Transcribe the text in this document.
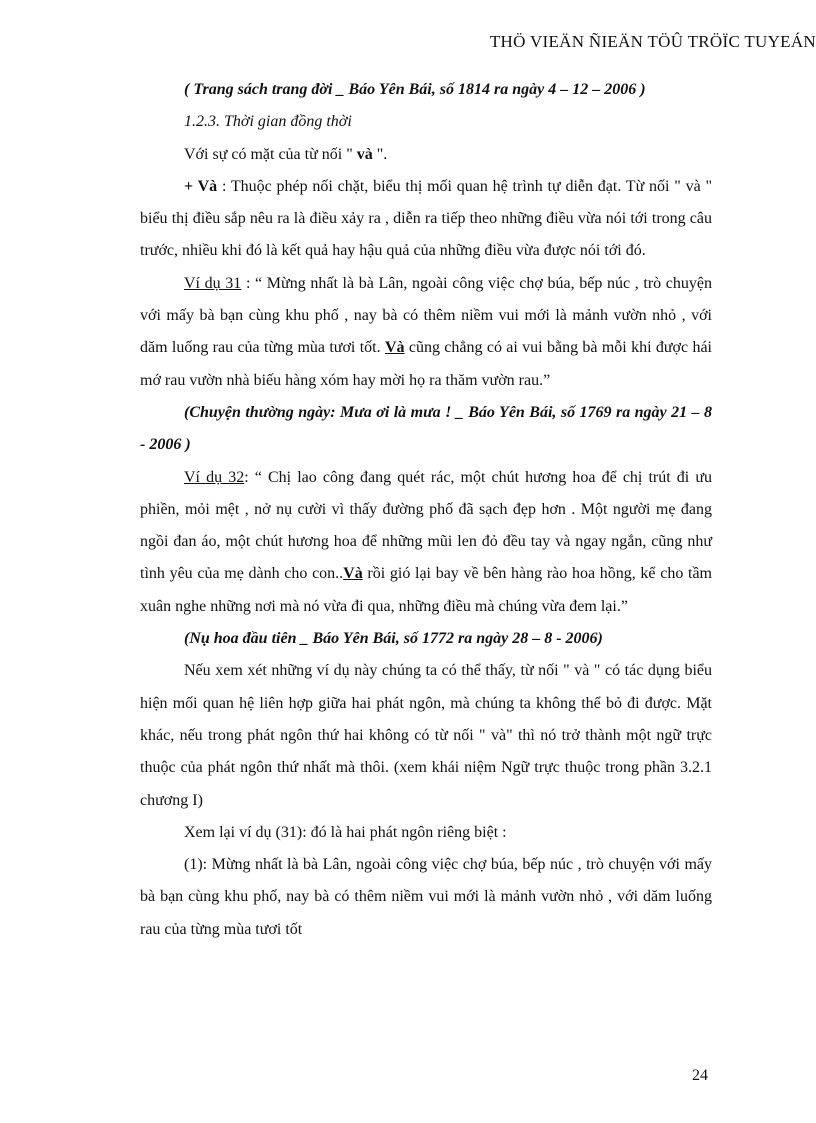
THÖ VIEÄN ÑIEÄN TÖÛ TRÖÏC TUYEÁN

( Trang sách trang đời _ Báo Yên Bái, số 1814 ra ngày 4 – 12 – 2006 )

1.2.3. Thời gian đồng thời

Với sự có mặt của từ nối " và ".

+ Và : Thuộc phép nối chặt, biểu thị mối quan hệ trình tự diễn đạt. Từ nối " và " biểu thị điều sắp nêu ra là điều xảy ra , diễn ra tiếp theo những điều vừa nói tới trong câu trước, nhiều khi đó là kết quả hay hậu quả của những điều vừa được nói tới đó.

Ví dụ 31 : “ Mừng nhất là bà Lân, ngoài công việc chợ búa, bếp núc , trò chuyện với mấy bà bạn cùng khu phố , nay bà có thêm niềm vui mới là mảnh vườn nhỏ , với dăm luống rau của từng mùa tươi tốt. Và cũng chẳng có ai vui bằng bà mỗi khi được hái mớ rau vườn nhà biếu hàng xóm hay mời họ ra thăm vườn rau.”

(Chuyện thường ngày: Mưa ơi là mưa ! _ Báo Yên Bái, số 1769 ra ngày 21 – 8 - 2006 )

Ví dụ 32: “ Chị lao công đang quét rác, một chút hương hoa để chị trút đi ưu phiền, mỏi mệt , nở nụ cười vì thấy đường phố đã sạch đẹp hơn . Một người mẹ đang ngồi đan áo, một chút hương hoa để những mũi len đỏ đều tay và ngay ngắn, cũng như tình yêu của mẹ dành cho con..Và rồi gió lại bay về bên hàng rào hoa hồng, kể cho tầm xuân nghe những nơi mà nó vừa đi qua, những điều mà chúng vừa đem lại.”

(Nụ hoa đầu tiên _ Báo Yên Bái, số 1772 ra ngày 28 – 8 - 2006)

Nếu xem xét những ví dụ này chúng ta có thể thấy, từ nối " và " có tác dụng biểu hiện mối quan hệ liên hợp giữa hai phát ngôn, mà chúng ta không thể bỏ đi được. Mặt khác, nếu trong phát ngôn thứ hai không có từ nối " và" thì nó trở thành một ngữ trực thuộc của phát ngôn thứ nhất mà thôi. (xem khái niệm Ngữ trực thuộc trong phần 3.2.1 chương I)

Xem lại ví dụ (31): đó là hai phát ngôn riêng biệt :

(1): Mừng nhất là bà Lân, ngoài công việc chợ búa, bếp núc , trò chuyện với mấy bà bạn cùng khu phố, nay bà có thêm niềm vui mới là mảnh vườn nhỏ , với dăm luống rau của từng mùa tươi tốt

24
